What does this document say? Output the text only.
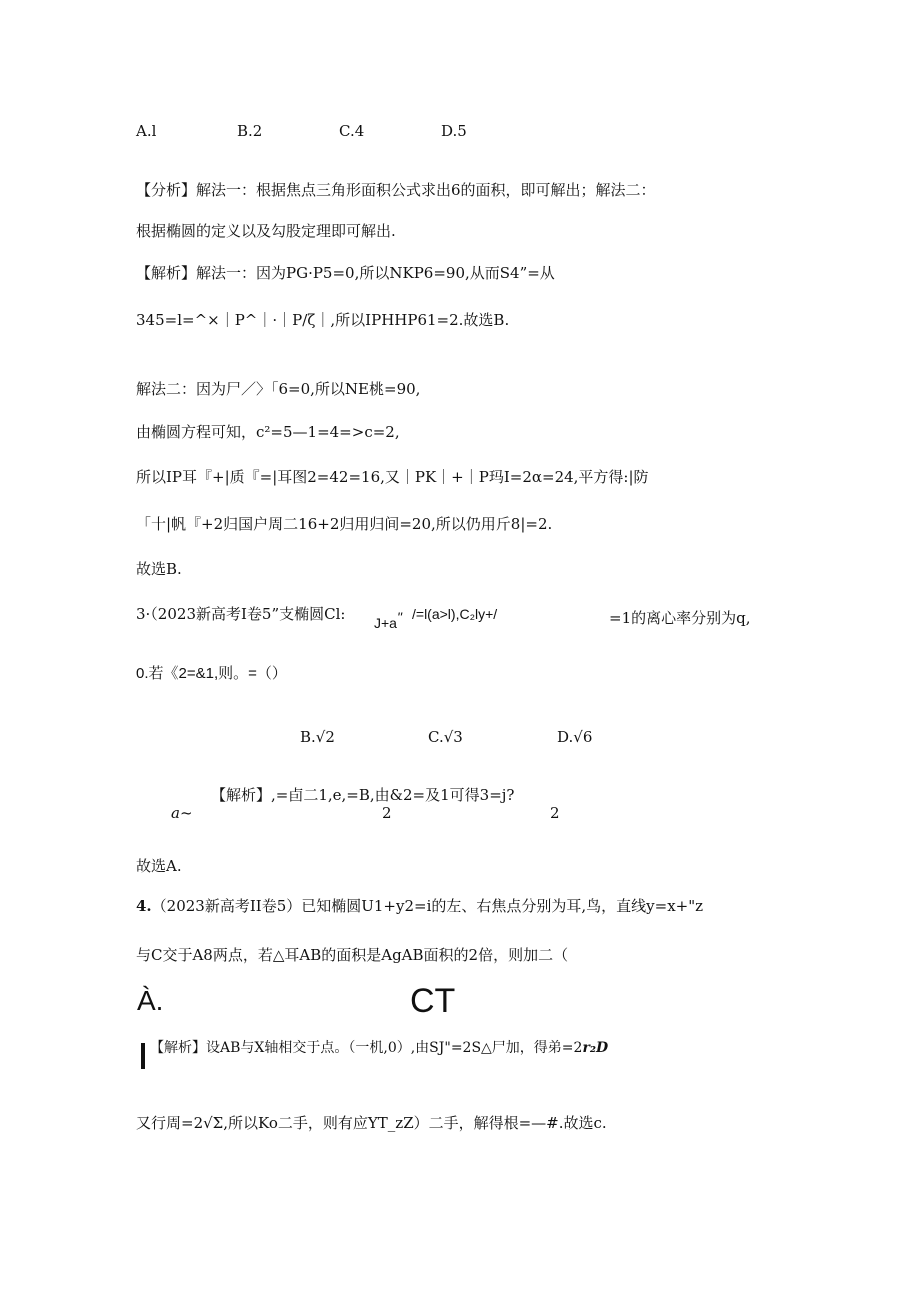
A.l	B.2	C.4	D.5
【分析】解法一：根据焦点三角形面积公式求出6的面积，即可解出；解法二：
根据椭圆的定义以及勾股定理即可解出.
【解析】解法一：因为PG·P5=0,所以NKP6=90,从而S4”=从
345=l=^×｜P^｜·｜P/ζ｜,所以IPHHP61=2.故选B.
解法二：因为尸／〉「6=0,所以NE桃=90,
由椭圆方程可知，c²=5—1=4=>c=2,
所以IP耳『+|质『=|耳图2=42=16,又｜PK｜+｜P玛I=2α=24,平方得:|防
「十|帆『+2归国户周二16+2归用归间=20,所以仍用斤8|=2.
故选B.
3·（2023新高考I卷5”支椭圆Cl: J+a" /=l(a>l),C₂ly+/	=1的离心率分别为q,
0.若《2=&1,则。=（）
B.√2	C.√3	D.√6
【解析】,=卣二1,e,=B,由&2=及1可得3=j?
a~	2	2
故选A.
4.（2023新高考II卷5）已知椭圆U1+y2=i的左、右焦点分别为耳,鸟，直线y=x+"z
与C交于A8两点，若△耳AB的面积是AgAB面积的2倍，则加二（
À.	CT
【解析】设AB与X轴相交于点。（一机,0）,由SJ"=2S△尸加，得弟=2r₂D
又行周=2√Σ,所以Ko二手，则有应YT_zZ）二手，解得根=—#.故选c.
